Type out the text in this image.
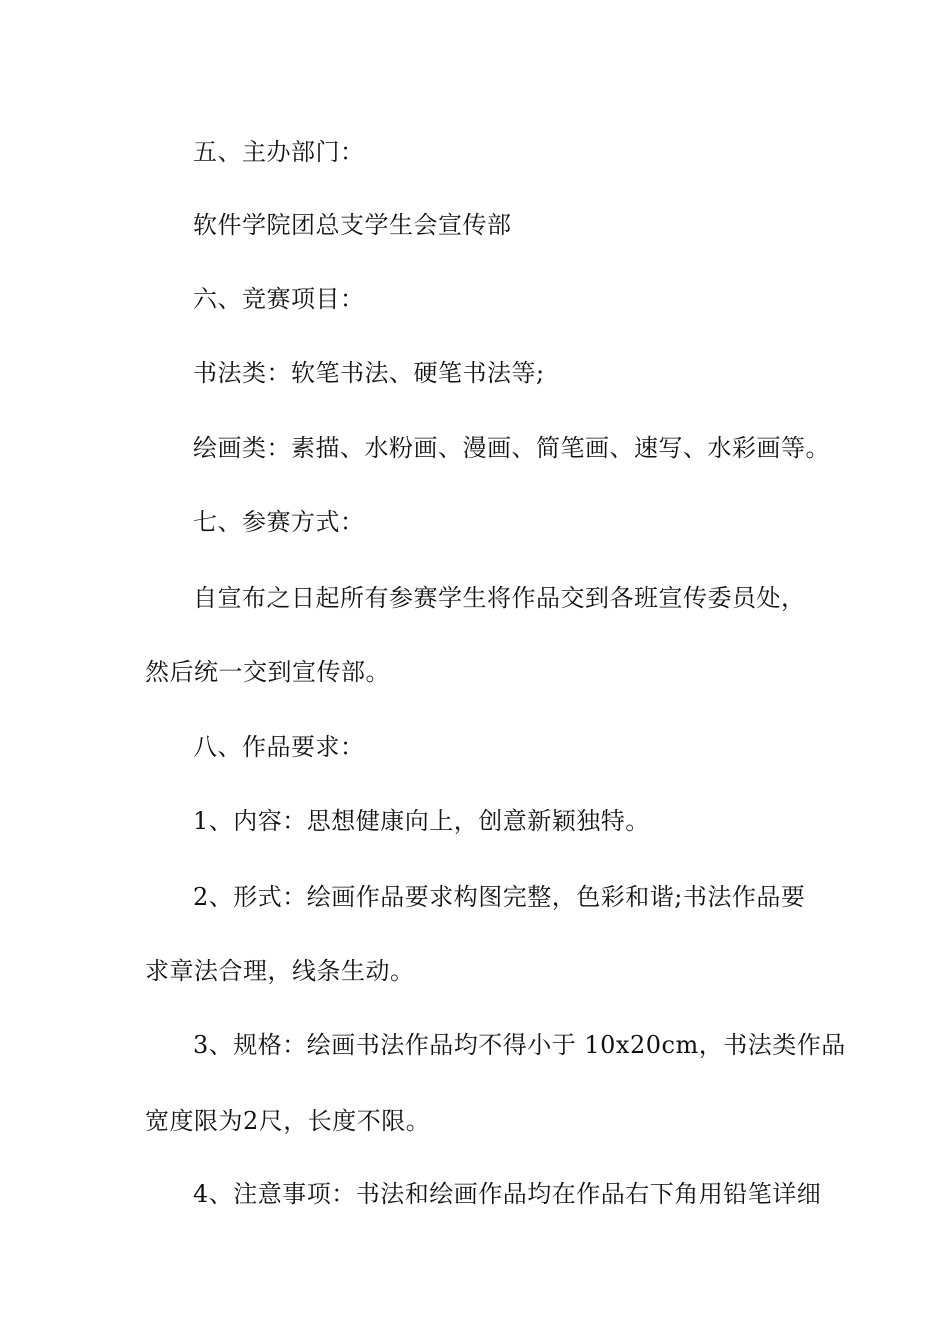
五、主办部门：
软件学院团总支学生会宣传部
六、竞赛项目：
书法类：软笔书法、硬笔书法等;
绘画类：素描、水粉画、漫画、简笔画、速写、水彩画等。
七、参赛方式：
自宣布之日起所有参赛学生将作品交到各班宣传委员处，
然后统一交到宣传部。
八、作品要求：
1、内容：思想健康向上，创意新颖独特。
2、形式：绘画作品要求构图完整，色彩和谐;书法作品要
求章法合理，线条生动。
3、规格：绘画书法作品均不得小于 10x20cm，书法类作品
宽度限为2尺，长度不限。
4、注意事项：书法和绘画作品均在作品右下角用铅笔详细
